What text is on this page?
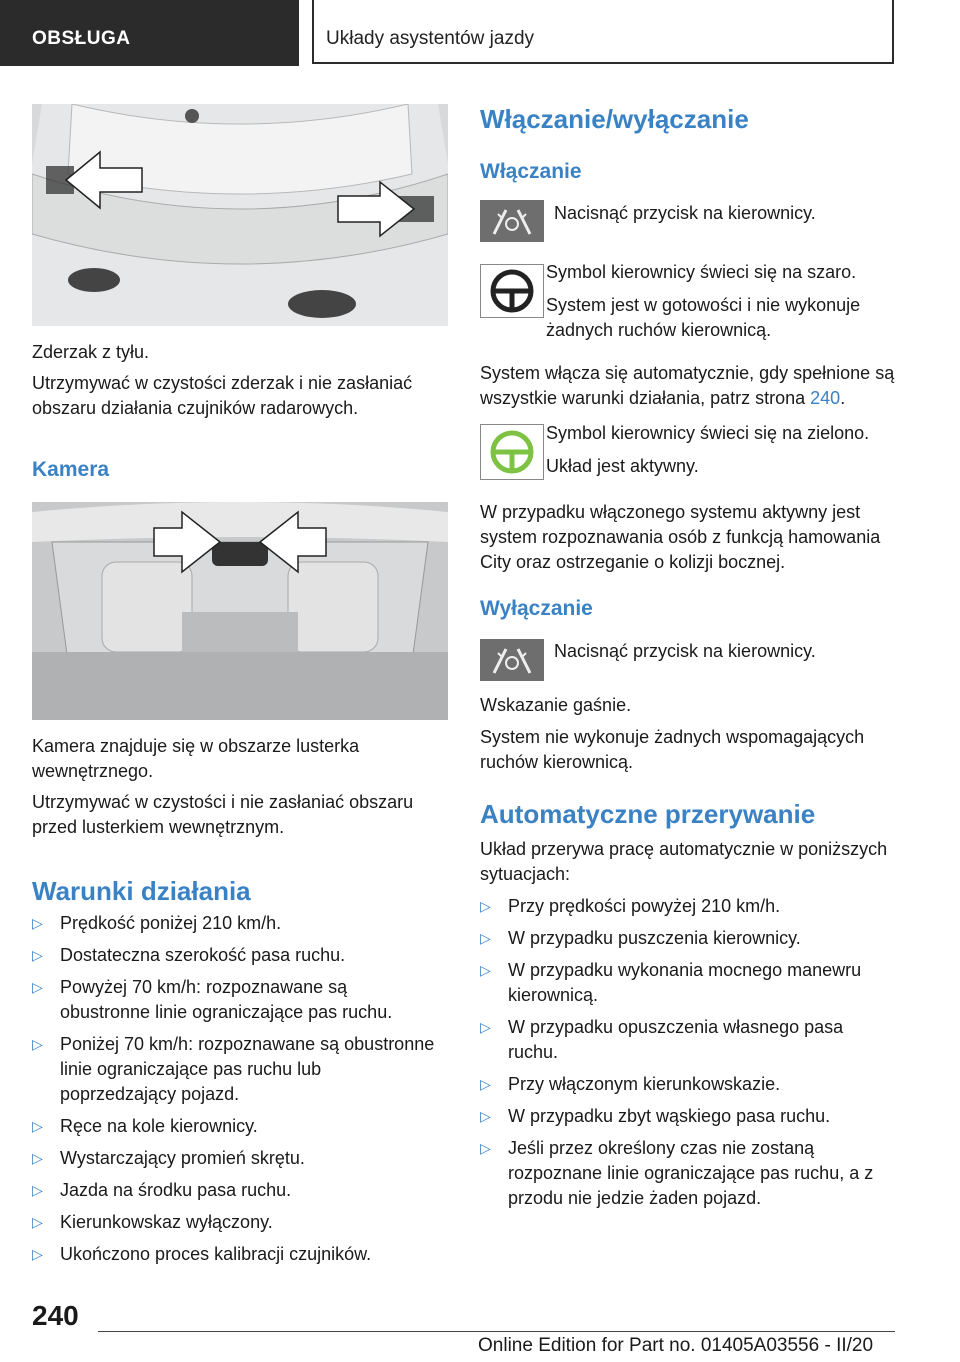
OBSŁUGA	Układy asystentów jazdy
Zderzak z tyłu.
Utrzymywać w czystości zderzak i nie zasłaniać obszaru działania czujników radarowych.
Kamera
Kamera znajduje się w obszarze lusterka wewnętrznego.
Utrzymywać w czystości i nie zasłaniać obszaru przed lusterkiem wewnętrznym.
Warunki działania
▷ Prędkość poniżej 210 km/h.
▷ Dostateczna szerokość pasa ruchu.
▷ Powyżej 70 km/h: rozpoznawane są obustronne linie ograniczające pas ruchu.
▷ Poniżej 70 km/h: rozpoznawane są obustronne linie ograniczające pas ruchu lub poprzedzający pojazd.
▷ Ręce na kole kierownicy.
▷ Wystarczający promień skrętu.
▷ Jazda na środku pasa ruchu.
▷ Kierunkowskaz wyłączony.
▷ Ukończono proces kalibracji czujników.
Włączanie/wyłączanie
Włączanie
Nacisnąć przycisk na kierownicy.
Symbol kierownicy świeci się na szaro.
System jest w gotowości i nie wykonuje żadnych ruchów kierownicą.
System włącza się automatycznie, gdy spełnione są wszystkie warunki działania, patrz strona 240.
Symbol kierownicy świeci się na zielono.
Układ jest aktywny.
W przypadku włączonego systemu aktywny jest system rozpoznawania osób z funkcją hamowania City oraz ostrzeganie o kolizji bocznej.
Wyłączanie
Nacisnąć przycisk na kierownicy.
Wskazanie gaśnie.
System nie wykonuje żadnych wspomagających ruchów kierownicą.
Automatyczne przerywanie
Układ przerywa pracę automatycznie w poniższych sytuacjach:
▷ Przy prędkości powyżej 210 km/h.
▷ W przypadku puszczenia kierownicy.
▷ W przypadku wykonania mocnego manewru kierownicą.
▷ W przypadku opuszczenia własnego pasa ruchu.
▷ Przy włączonym kierunkowskazie.
▷ W przypadku zbyt wąskiego pasa ruchu.
▷ Jeśli przez określony czas nie zostaną rozpoznane linie ograniczające pas ruchu, a z przodu nie jedzie żaden pojazd.
240
Online Edition for Part no. 01405A03556 - II/20
